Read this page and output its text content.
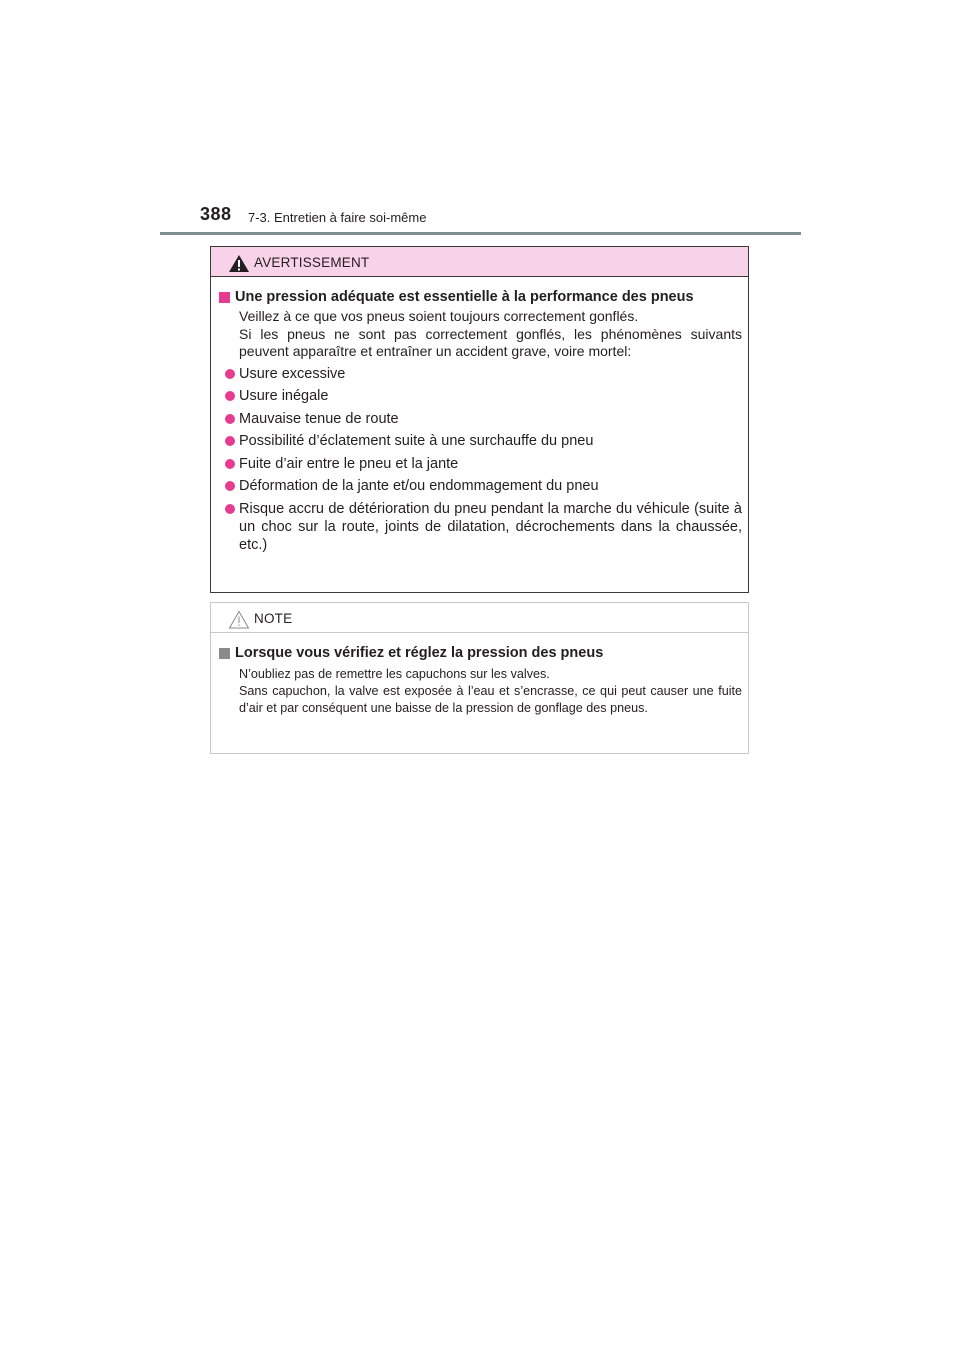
388 7-3. Entretien à faire soi-même
AVERTISSEMENT
Une pression adéquate est essentielle à la performance des pneus
Veillez à ce que vos pneus soient toujours correctement gonflés.
Si les pneus ne sont pas correctement gonflés, les phénomènes suivants peuvent apparaître et entraîner un accident grave, voire mortel:
Usure excessive
Usure inégale
Mauvaise tenue de route
Possibilité d’éclatement suite à une surchauffe du pneu
Fuite d’air entre le pneu et la jante
Déformation de la jante et/ou endommagement du pneu
Risque accru de détérioration du pneu pendant la marche du véhicule (suite à un choc sur la route, joints de dilatation, décrochements dans la chaussée, etc.)
NOTE
Lorsque vous vérifiez et réglez la pression des pneus
N’oubliez pas de remettre les capuchons sur les valves.
Sans capuchon, la valve est exposée à l’eau et s’encrasse, ce qui peut causer une fuite d’air et par conséquent une baisse de la pression de gonflage des pneus.
